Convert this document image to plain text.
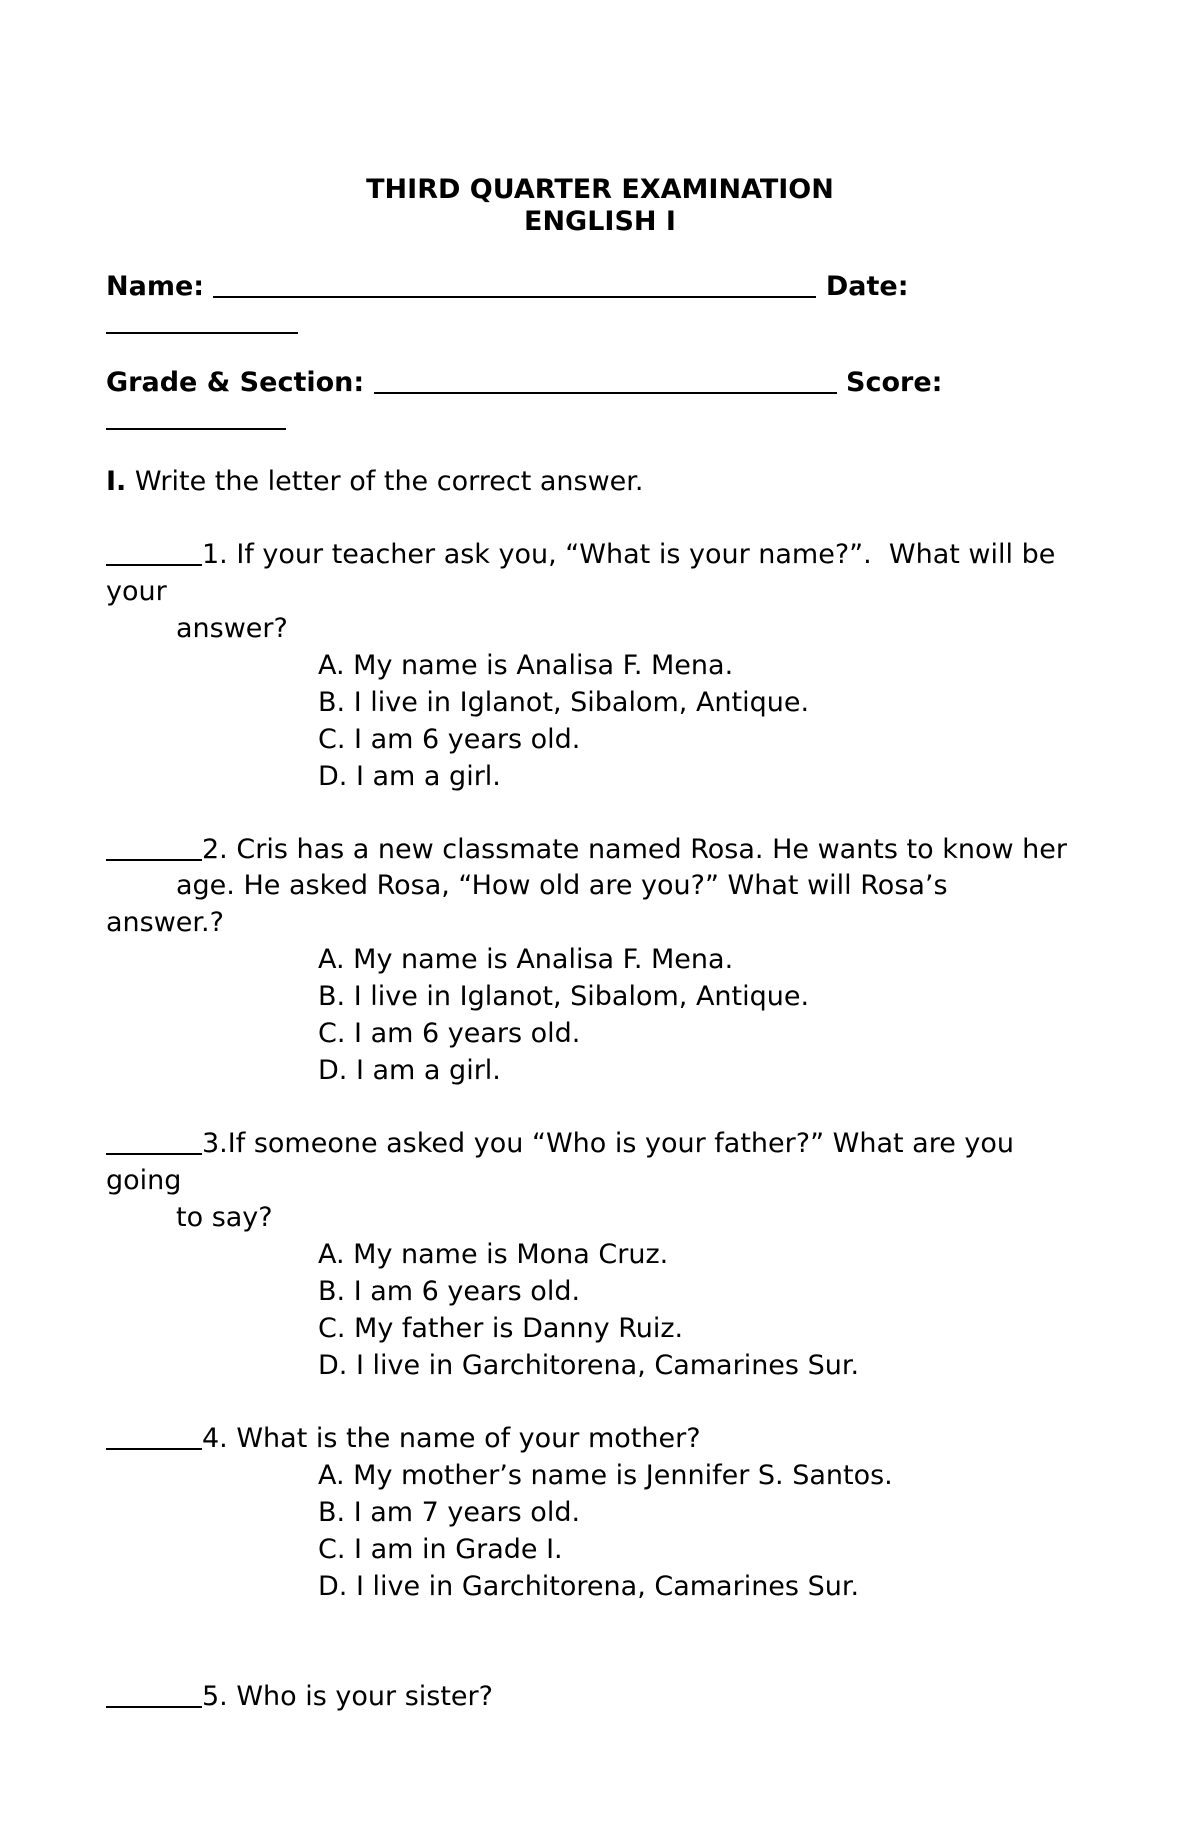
THIRD QUARTER EXAMINATION
ENGLISH I
Name:	Date:
Grade & Section:	Score:
I. Write the letter of the correct answer.
1. If your teacher ask you, “What is your name?”.  What will be
your
answer?
A. My name is Analisa F. Mena.
B. I live in Iglanot, Sibalom, Antique.
C. I am 6 years old.
D. I am a girl.
2. Cris has a new classmate named Rosa. He wants to know her
age. He asked Rosa, “How old are you?” What will Rosa’s
answer.?
A. My name is Analisa F. Mena.
B. I live in Iglanot, Sibalom, Antique.
C. I am 6 years old.
D. I am a girl.
3.If someone asked you “Who is your father?” What are you
going
to say?
A. My name is Mona Cruz.
B. I am 6 years old.
C. My father is Danny Ruiz.
D. I live in Garchitorena, Camarines Sur.
4. What is the name of your mother?
A. My mother’s name is Jennifer S. Santos.
B. I am 7 years old.
C. I am in Grade I.
D. I live in Garchitorena, Camarines Sur.
5. Who is your sister?
